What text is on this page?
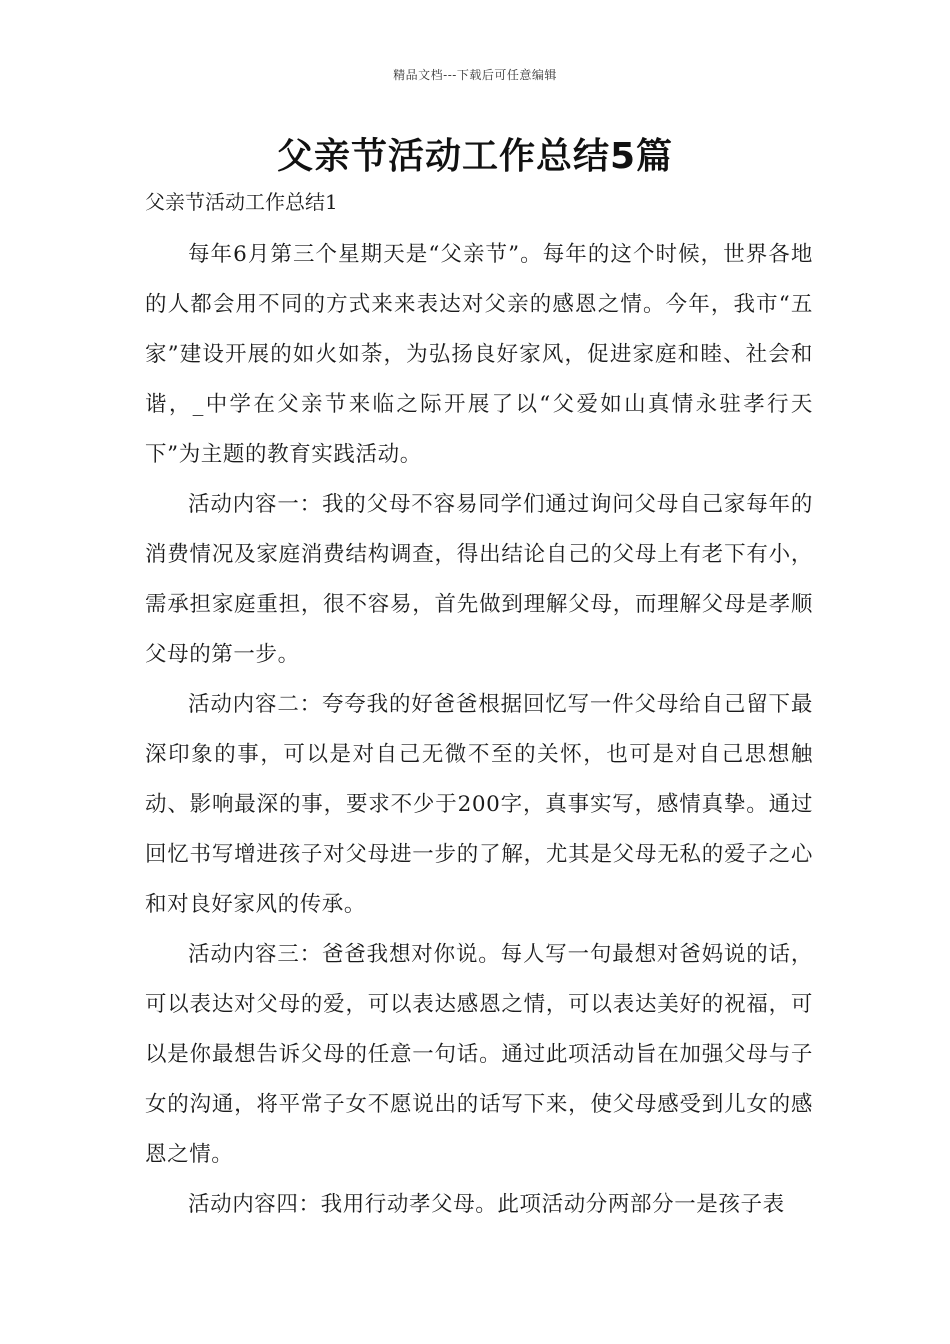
精品文档---下载后可任意编辑
父亲节活动工作总结5篇
父亲节活动工作总结1

每年6月第三个星期天是“父亲节”。每年的这个时候，世界各地的人都会用不同的方式来来表达对父亲的感恩之情。今年，我市“五家”建设开展的如火如荼，为弘扬良好家风，促进家庭和睦、社会和谐，_中学在父亲节来临之际开展了以“父爱如山真情永驻孝行天下”为主题的教育实践活动。

活动内容一：我的父母不容易同学们通过询问父母自己家每年的消费情况及家庭消费结构调查，得出结论自己的父母上有老下有小，需承担家庭重担，很不容易，首先做到理解父母，而理解父母是孝顺父母的第一步。

活动内容二：夸夸我的好爸爸根据回忆写一件父母给自己留下最深印象的事，可以是对自己无微不至的关怀，也可是对自己思想触动、影响最深的事，要求不少于200字，真事实写，感情真挚。通过回忆书写增进孩子对父母进一步的了解，尤其是父母无私的爱子之心和对良好家风的传承。

活动内容三：爸爸我想对你说。每人写一句最想对爸妈说的话，可以表达对父母的爱，可以表达感恩之情，可以表达美好的祝福，可以是你最想告诉父母的任意一句话。通过此项活动旨在加强父母与子女的沟通，将平常子女不愿说出的话写下来，使父母感受到儿女的感恩之情。

活动内容四：我用行动孝父母。此项活动分两部分一是孩子表
